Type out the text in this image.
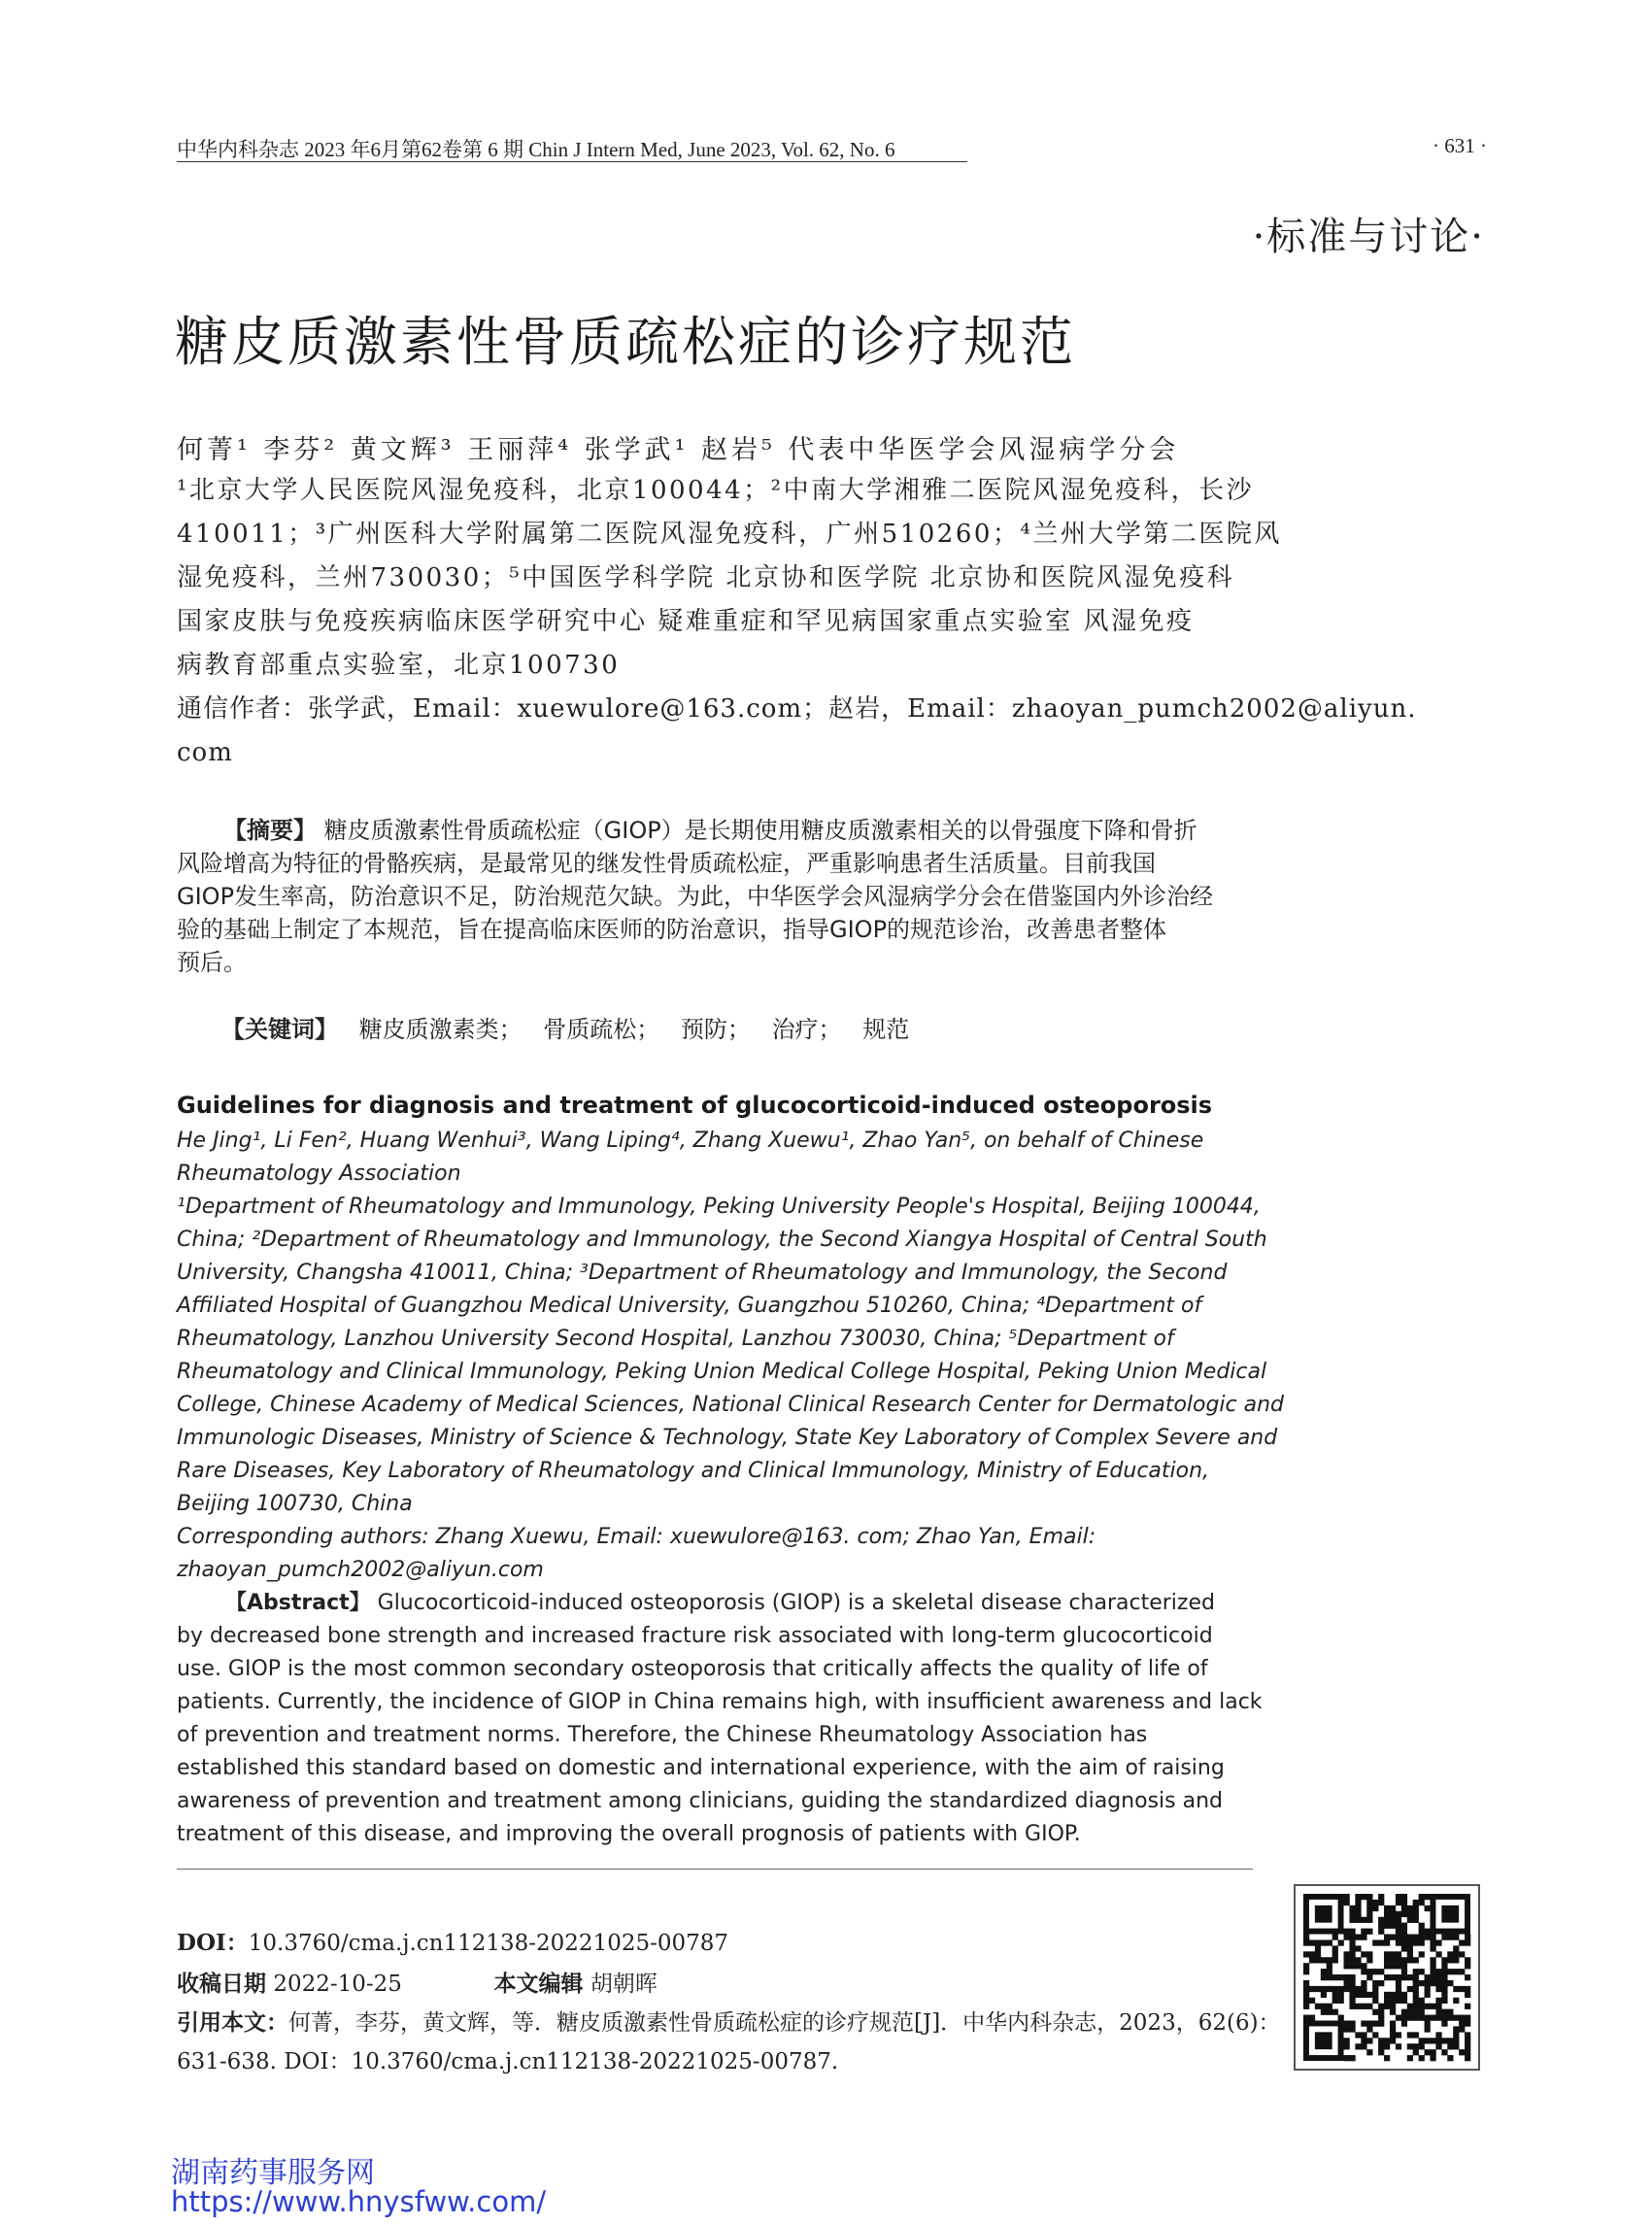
中华内科杂志 2023 年6月第62卷第 6 期 Chin J Intern Med, June 2023, Vol. 62, No. 6	· 631 ·
·标准与讨论·
糖皮质激素性骨质疏松症的诊疗规范
何菁¹ 李芬² 黄文辉³ 王丽萍⁴ 张学武¹ 赵岩⁵ 代表中华医学会风湿病学分会
¹北京大学人民医院风湿免疫科，北京100044；²中南大学湘雅二医院风湿免疫科，长沙
410011；³广州医科大学附属第二医院风湿免疫科，广州510260；⁴兰州大学第二医院风
湿免疫科，兰州730030；⁵中国医学科学院 北京协和医学院 北京协和医院风湿免疫科
国家皮肤与免疫疾病临床医学研究中心 疑难重症和罕见病国家重点实验室 风湿免疫
病教育部重点实验室，北京100730
通信作者：张学武，Email：xuewulore@163.com；赵岩，Email：zhaoyan_pumch2002@aliyun.
com
【摘要】 糖皮质激素性骨质疏松症（GIOP）是长期使用糖皮质激素相关的以骨强度下降和骨折
风险增高为特征的骨骼疾病，是最常见的继发性骨质疏松症，严重影响患者生活质量。目前我国
GIOP发生率高，防治意识不足，防治规范欠缺。为此，中华医学会风湿病学分会在借鉴国内外诊治经
验的基础上制定了本规范，旨在提高临床医师的防治意识，指导GIOP的规范诊治，改善患者整体
预后。
【关键词】 糖皮质激素类； 骨质疏松； 预防； 治疗； 规范
Guidelines for diagnosis and treatment of glucocorticoid-induced osteoporosis
He Jing¹, Li Fen², Huang Wenhui³, Wang Liping⁴, Zhang Xuewu¹, Zhao Yan⁵, on behalf of Chinese
Rheumatology Association
¹Department of Rheumatology and Immunology, Peking University People's Hospital, Beijing 100044,
China; ²Department of Rheumatology and Immunology, the Second Xiangya Hospital of Central South
University, Changsha 410011, China; ³Department of Rheumatology and Immunology, the Second
Affiliated Hospital of Guangzhou Medical University, Guangzhou 510260, China; ⁴Department of
Rheumatology, Lanzhou University Second Hospital, Lanzhou 730030, China; ⁵Department of
Rheumatology and Clinical Immunology, Peking Union Medical College Hospital, Peking Union Medical
College, Chinese Academy of Medical Sciences, National Clinical Research Center for Dermatologic and
Immunologic Diseases, Ministry of Science & Technology, State Key Laboratory of Complex Severe and
Rare Diseases, Key Laboratory of Rheumatology and Clinical Immunology, Ministry of Education,
Beijing 100730, China
Corresponding authors: Zhang Xuewu, Email: xuewulore@163. com; Zhao Yan, Email:
zhaoyan_pumch2002@aliyun.com
【Abstract】 Glucocorticoid-induced osteoporosis (GIOP) is a skeletal disease characterized
by decreased bone strength and increased fracture risk associated with long-term glucocorticoid
use. GIOP is the most common secondary osteoporosis that critically affects the quality of life of
patients. Currently, the incidence of GIOP in China remains high, with insufficient awareness and lack
of prevention and treatment norms. Therefore, the Chinese Rheumatology Association has
established this standard based on domestic and international experience, with the aim of raising
awareness of prevention and treatment among clinicians, guiding the standardized diagnosis and
treatment of this disease, and improving the overall prognosis of patients with GIOP.
DOI：10.3760/cma.j.cn112138-20221025-00787
收稿日期 2022-10-25	本文编辑 胡朝晖
引用本文：何菁，李芬，黄文辉，等．糖皮质激素性骨质疏松症的诊疗规范[J]．中华内科杂志，2023，62(6)：
631-638. DOI：10.3760/cma.j.cn112138-20221025-00787.
湖南药事服务网
https://www.hnysfww.com/
